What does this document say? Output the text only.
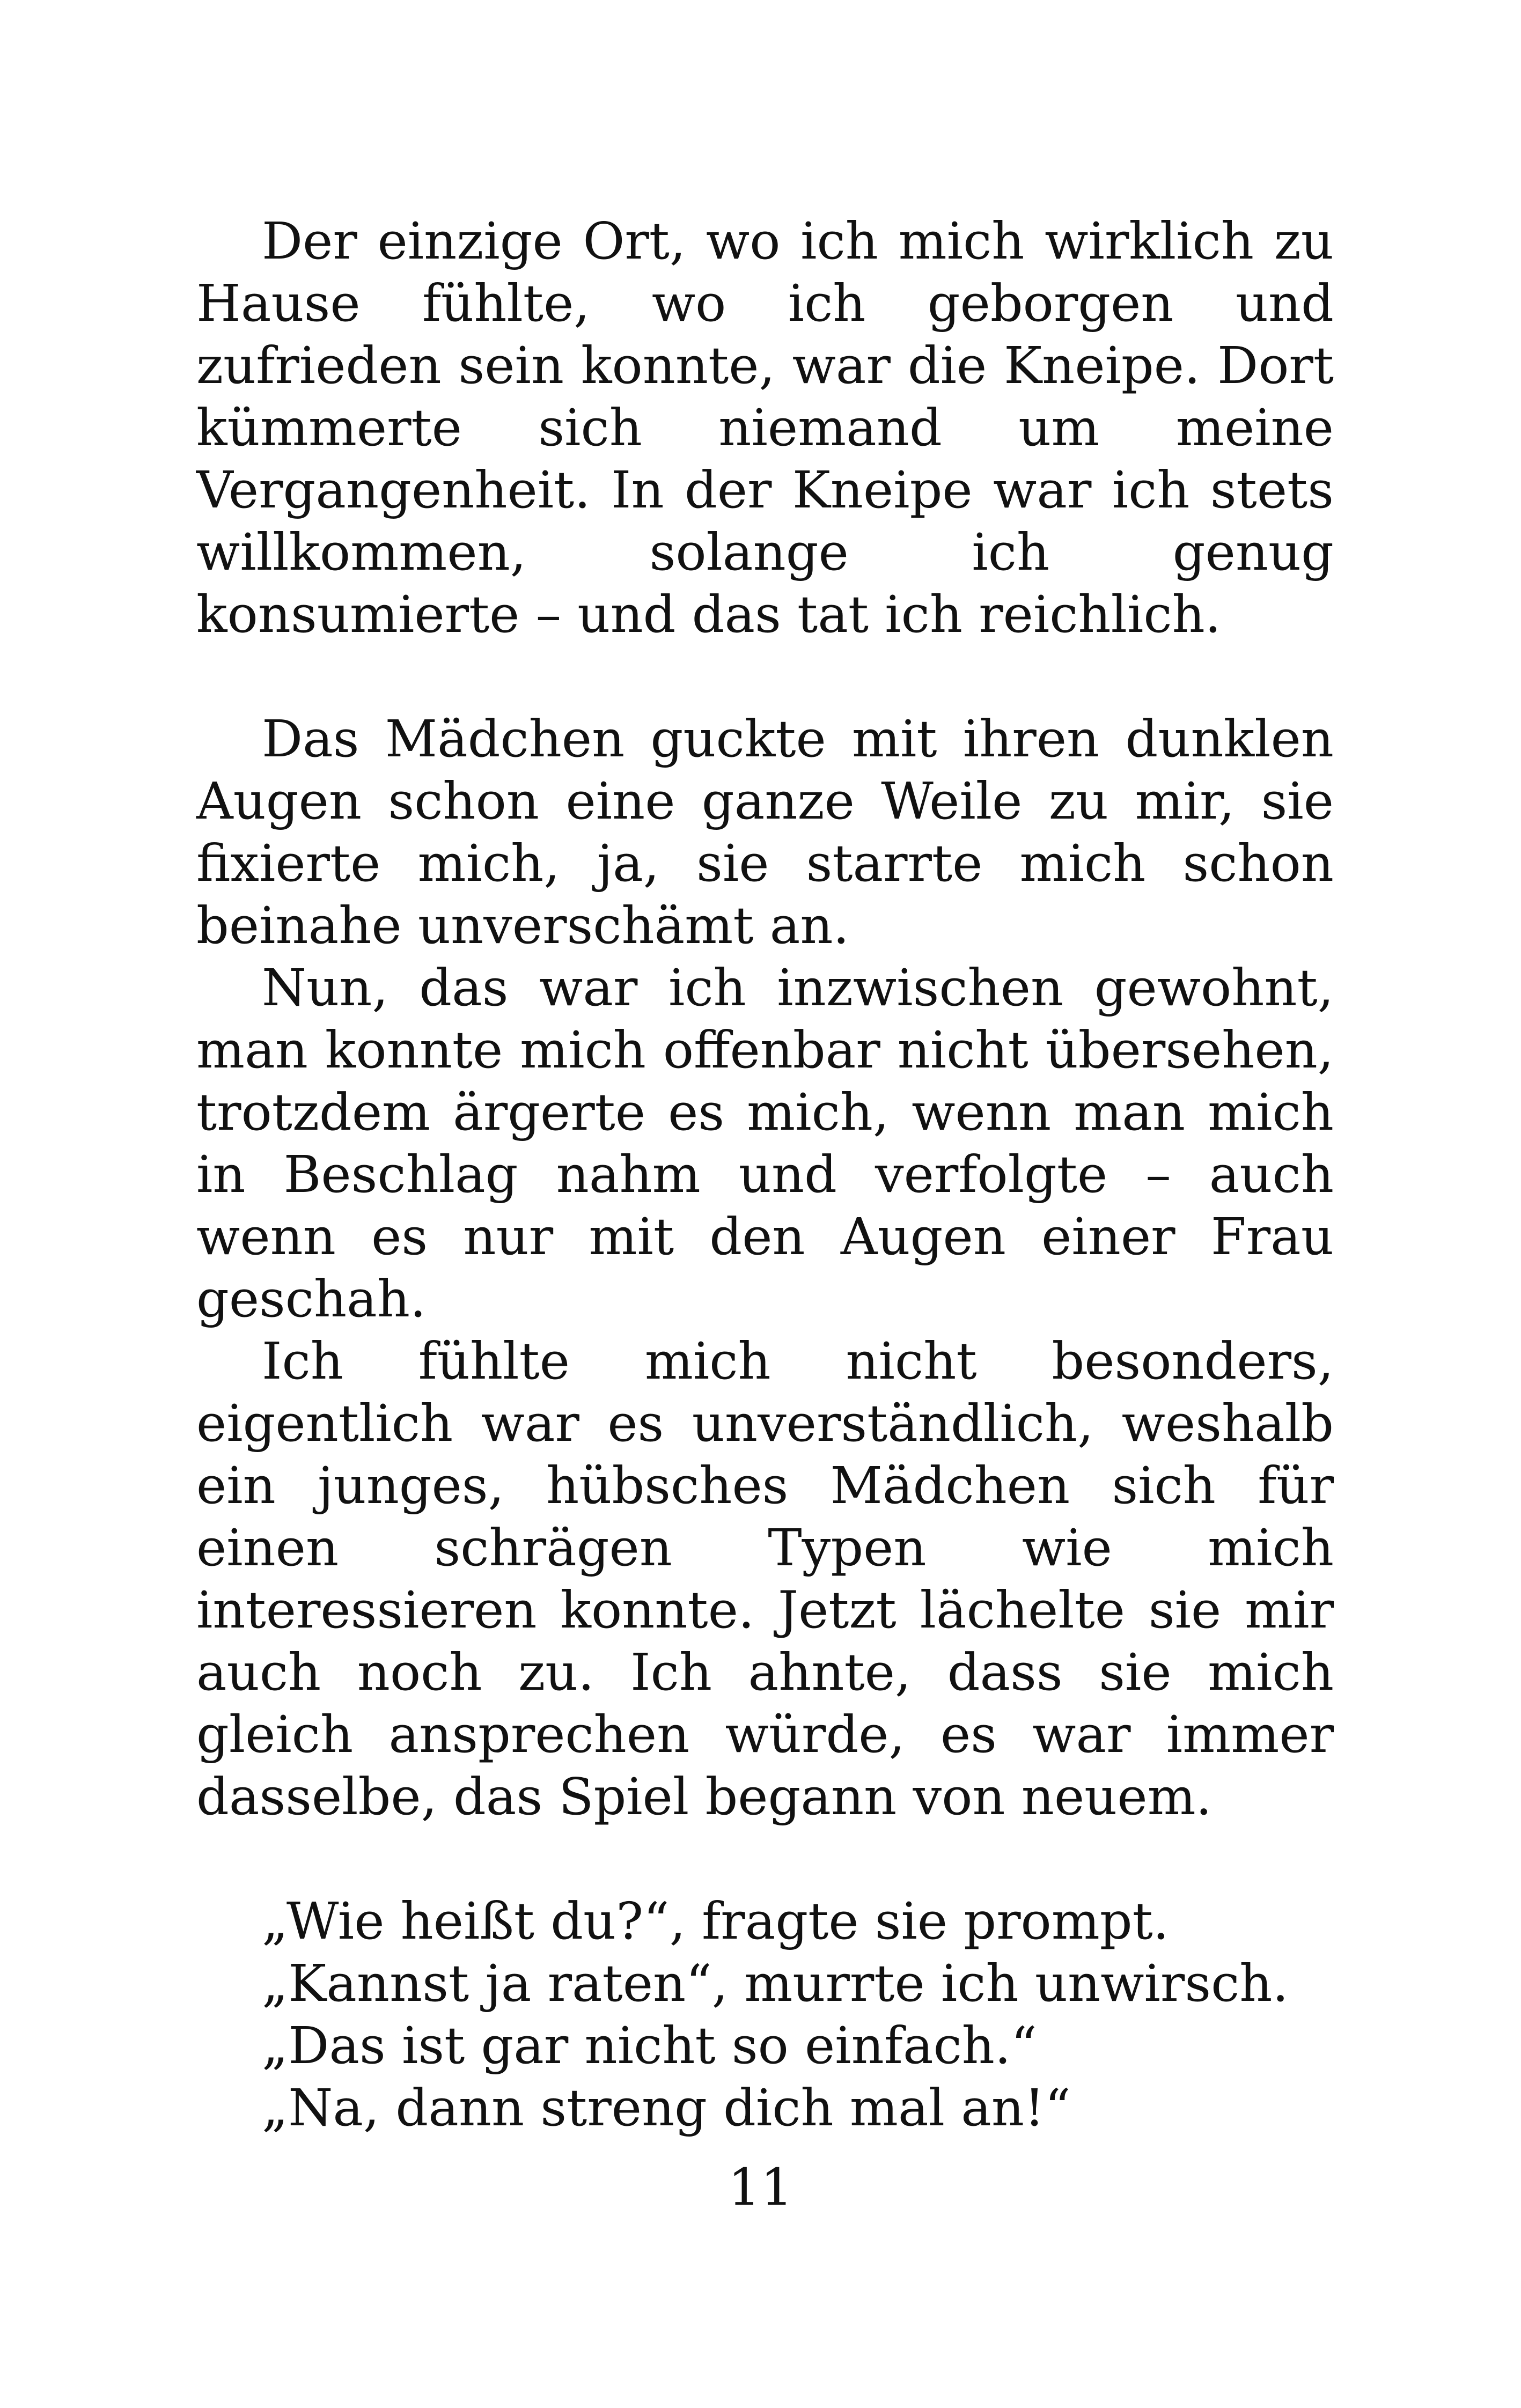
Der einzige Ort, wo ich mich wirklich zu Hause fühlte, wo ich geborgen und zufrieden sein konnte, war die Kneipe. Dort kümmerte sich niemand um meine Vergangenheit. In der Kneipe war ich stets willkommen, solange ich genug konsumierte – und das tat ich reichlich.

Das Mädchen guckte mit ihren dunklen Augen schon eine ganze Weile zu mir, sie fixierte mich, ja, sie starrte mich schon beinahe unverschämt an.

Nun, das war ich inzwischen gewohnt, man konnte mich offenbar nicht übersehen, trotzdem ärgerte es mich, wenn man mich in Beschlag nahm und verfolgte – auch wenn es nur mit den Augen einer Frau geschah.

Ich fühlte mich nicht besonders, eigentlich war es unverständlich, weshalb ein junges, hübsches Mädchen sich für einen schrägen Typen wie mich interessieren konnte. Jetzt lächelte sie mir auch noch zu. Ich ahnte, dass sie mich gleich ansprechen würde, es war immer dasselbe, das Spiel begann von neuem.

„Wie heißt du?“, fragte sie prompt.

„Kannst ja raten“, murrte ich unwirsch.

„Das ist gar nicht so einfach.“

„Na, dann streng dich mal an!“

11
